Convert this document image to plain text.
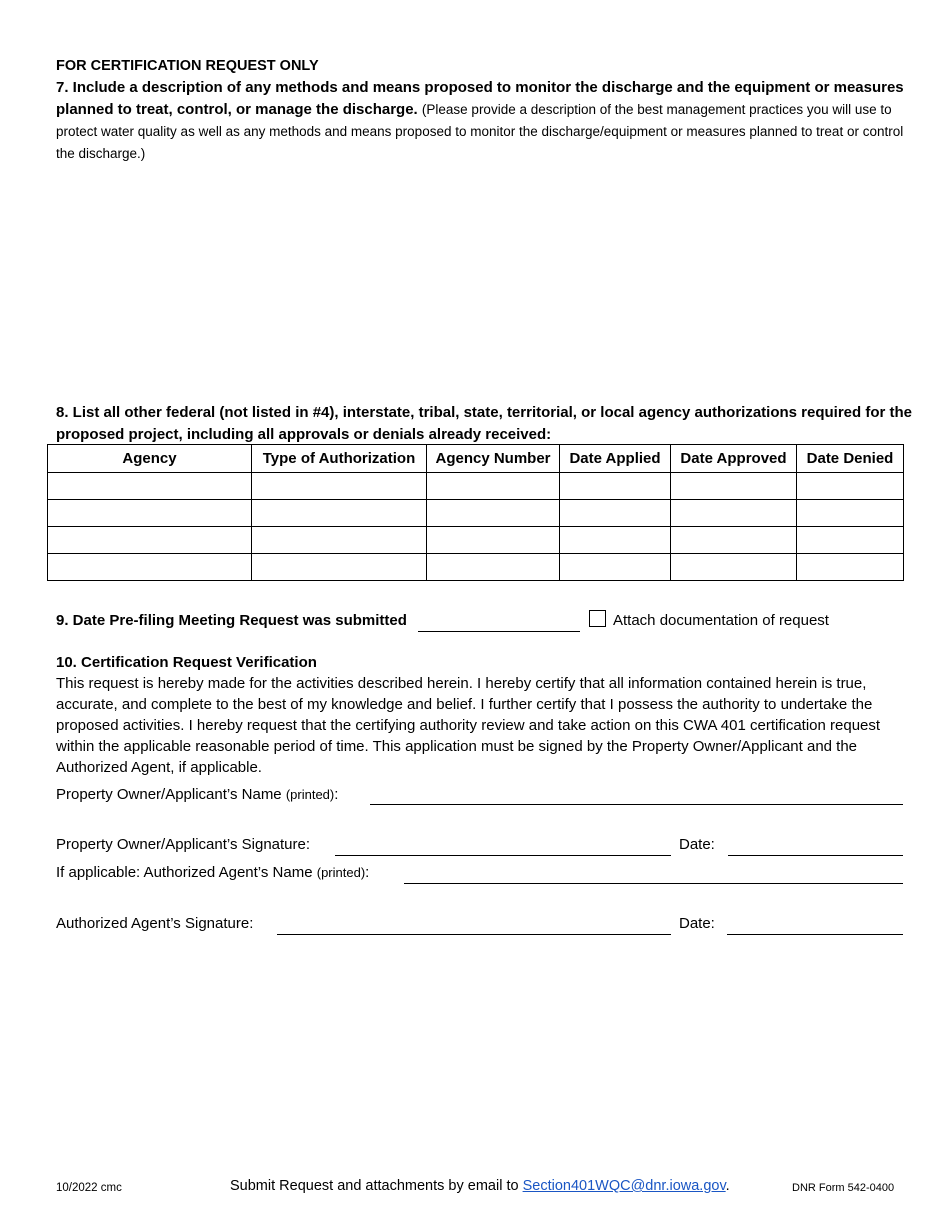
FOR CERTIFICATION REQUEST ONLY
7. Include a description of any methods and means proposed to monitor the discharge and the equipment or measures planned to treat, control, or manage the discharge. (Please provide a description of the best management practices you will use to protect water quality as well as any methods and means proposed to monitor the discharge/equipment or measures planned to treat or control the discharge.)
8. List all other federal (not listed in #4), interstate, tribal, state, territorial, or local agency authorizations required for the proposed project, including all approvals or denials already received:
Agency	Type of Authorization	Agency Number	Date Applied	Date Approved	Date Denied

9. Date Pre-filing Meeting Request was submitted	Attach documentation of request
10. Certification Request Verification
This request is hereby made for the activities described herein. I hereby certify that all information contained herein is true, accurate, and complete to the best of my knowledge and belief. I further certify that I possess the authority to undertake the proposed activities. I hereby request that the certifying authority review and take action on this CWA 401 certification request within the applicable reasonable period of time. This application must be signed by the Property Owner/Applicant and the Authorized Agent, if applicable.
Property Owner/Applicant’s Name (printed):
Property Owner/Applicant’s Signature:	Date:
If applicable: Authorized Agent’s Name (printed):
Authorized Agent’s Signature:	Date:
10/2022 cmc	Submit Request and attachments by email to Section401WQC@dnr.iowa.gov.	DNR Form 542-0400
